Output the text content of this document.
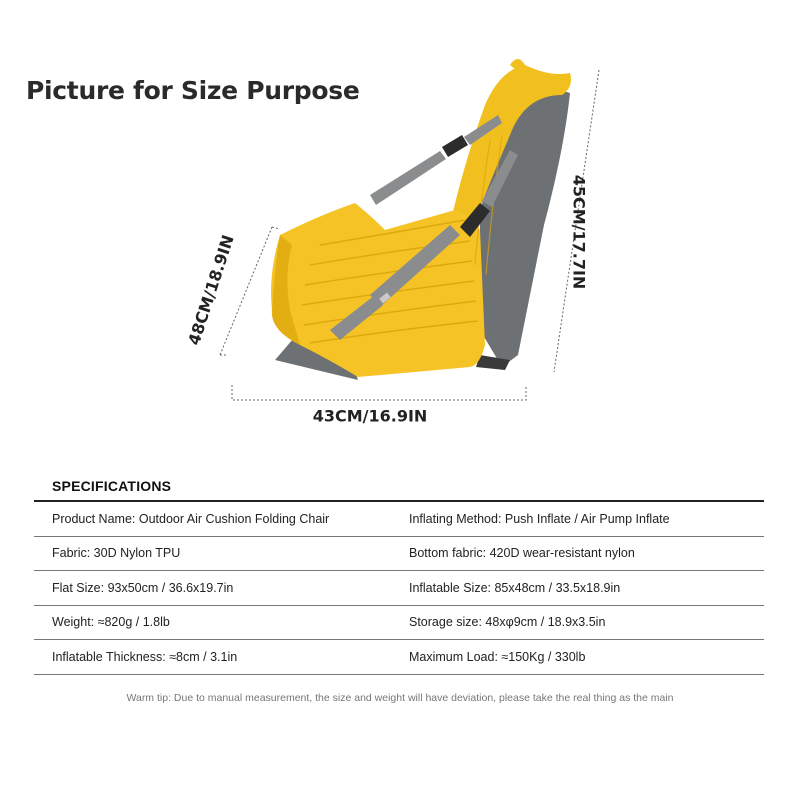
Picture for Size Purpose
48CM/18.9IN
45CM/17.7IN
43CM/16.9IN
SPECIFICATIONS
Product Name: Outdoor Air Cushion Folding Chair	Inflating Method: Push Inflate / Air Pump Inflate
Fabric: 30D Nylon TPU	Bottom fabric: 420D wear-resistant nylon
Flat Size: 93x50cm / 36.6x19.7in	Inflatable Size: 85x48cm / 33.5x18.9in
Weight: ≈820g / 1.8lb	Storage size: 48xφ9cm / 18.9x3.5in
Inflatable Thickness: ≈8cm / 3.1in	Maximum Load: ≈150Kg / 330lb
Warm tip: Due to manual measurement, the size and weight will have deviation, please take the real thing as the main
